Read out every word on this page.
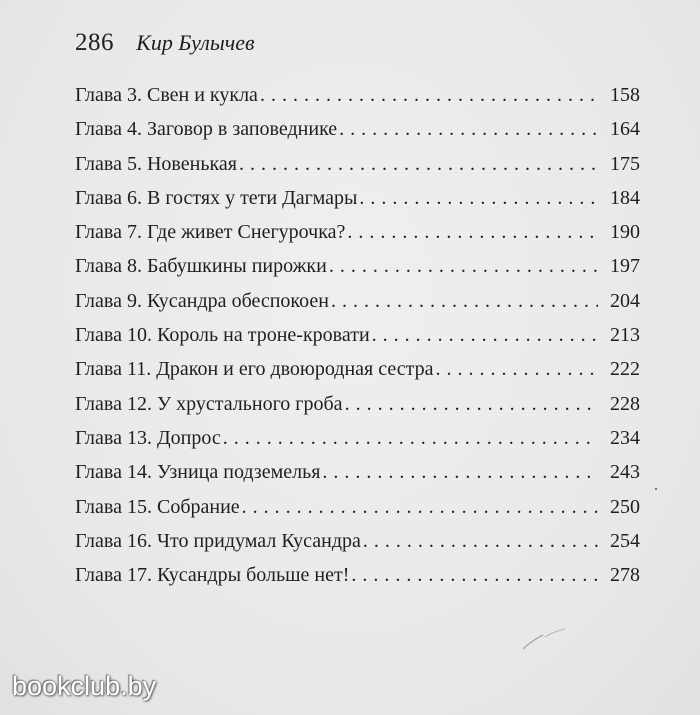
286 Кир Булычев
Глава 3. Свен и кукла . . .	158
Глава 4. Заговор в заповеднике . . .	164
Глава 5. Новенькая . . .	175
Глава 6. В гостях у тети Дагмары . . .	184
Глава 7. Где живет Снегурочка? . . .	190
Глава 8. Бабушкины пирожки . . .	197
Глава 9. Кусандра обеспокоен . . .	204
Глава 10. Король на троне-кровати . . .	213
Глава 11. Дракон и его двоюродная сестра . . .	222
Глава 12. У хрустального гроба . . .	228
Глава 13. Допрос . . .	234
Глава 14. Узница подземелья . . .	243
Глава 15. Собрание . . .	250
Глава 16. Что придумал Кусандра . . .	254
Глава 17. Кусандры больше нет! . . .	278
bookclub.by
